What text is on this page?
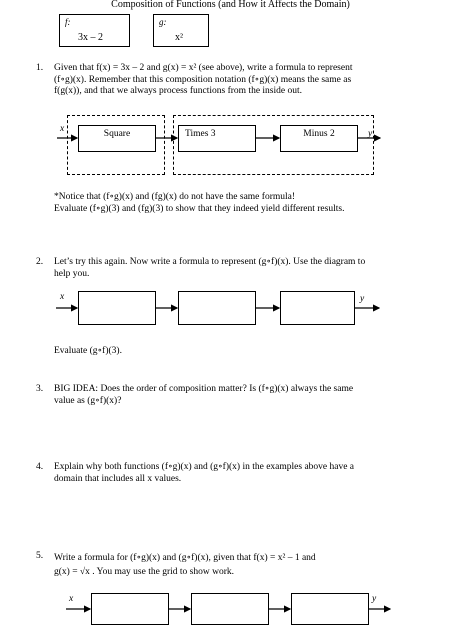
Composition of Functions (and How it Affects the Domain)
f:
3x – 2
g:
x²
1. Given that f(x) = 3x – 2 and g(x) = x² (see above), write a formula to represent
(f∘g)(x). Remember that this composition notation (f∘g)(x) means the same as
f(g(x)), and that we always process functions from the inside out.
x	y
Square	Times 3	Minus 2
*Notice that (f∘g)(x) and (fg)(x) do not have the same formula!
Evaluate (f∘g)(3) and (fg)(3) to show that they indeed yield different results.
2. Let’s try this again. Now write a formula to represent (g∘f)(x). Use the diagram to
help you.
x	y
Evaluate (g∘f)(3).
3. BIG IDEA: Does the order of composition matter? Is (f∘g)(x) always the same
value as (g∘f)(x)?
4. Explain why both functions (f∘g)(x) and (g∘f)(x) in the examples above have a
domain that includes all x values.
5. Write a formula for (f∘g)(x) and (g∘f)(x), given that f(x) = x² – 1 and
g(x) = √x . You may use the grid to show work.
x	y
